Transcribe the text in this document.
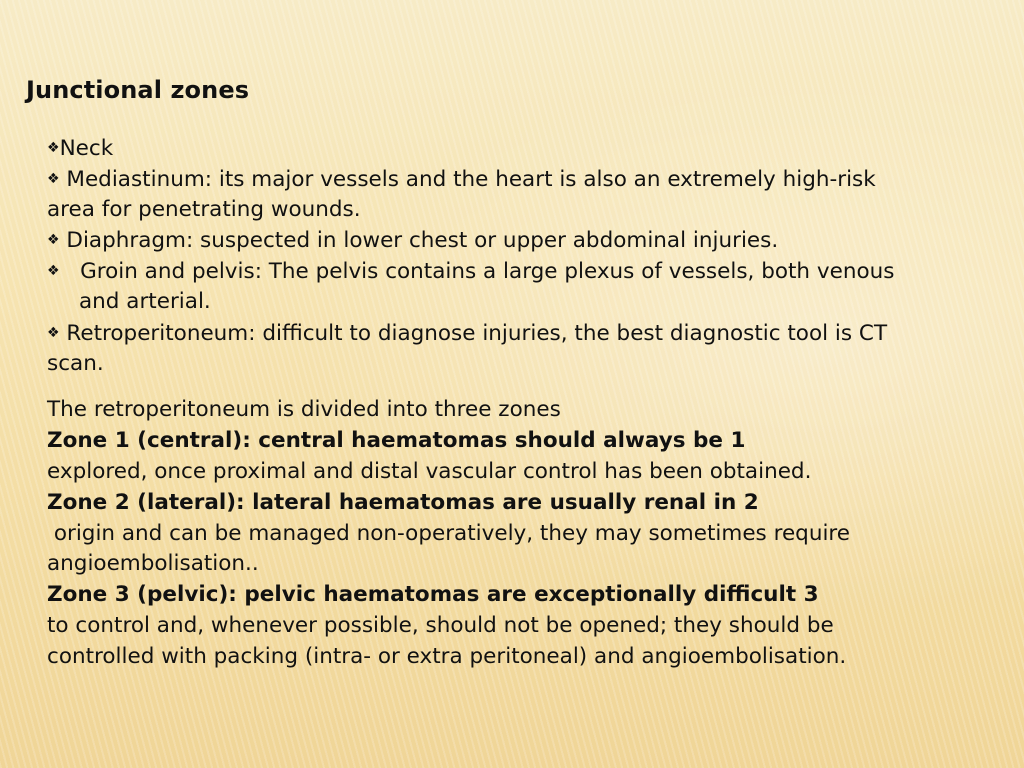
Junctional zones
❖Neck
❖ Mediastinum: its major vessels and the heart is also an extremely high-risk
area for penetrating wounds.
❖ Diaphragm: suspected in lower chest or upper abdominal injuries.
❖   Groin and pelvis: The pelvis contains a large plexus of vessels, both venous
and arterial.
❖ Retroperitoneum: difficult to diagnose injuries, the best diagnostic tool is CT
scan.
The retroperitoneum is divided into three zones
Zone 1 (central): central haematomas should always be 1
explored, once proximal and distal vascular control has been obtained.
Zone 2 (lateral): lateral haematomas are usually renal in 2
origin and can be managed non-operatively, they may sometimes require
angioembolisation..
Zone 3 (pelvic): pelvic haematomas are exceptionally difficult 3
to control and, whenever possible, should not be opened; they should be
controlled with packing (intra- or extra peritoneal) and angioembolisation.
